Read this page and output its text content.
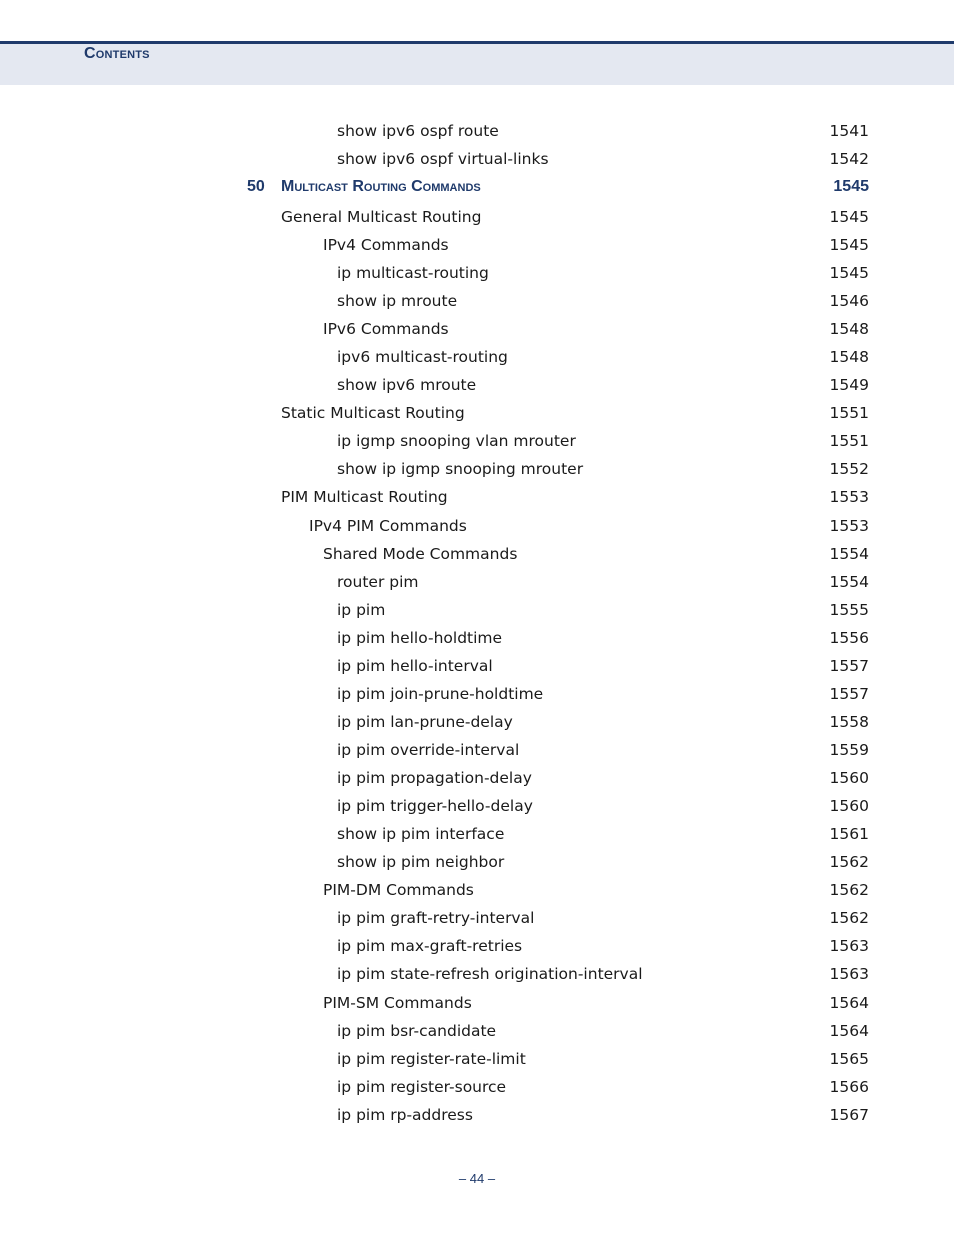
Contents
show ipv6 ospf route	1541
show ipv6 ospf virtual-links	1542
50 Multicast Routing Commands	1545
General Multicast Routing	1545
IPv4 Commands	1545
ip multicast-routing	1545
show ip mroute	1546
IPv6 Commands	1548
ipv6 multicast-routing	1548
show ipv6 mroute	1549
Static Multicast Routing	1551
ip igmp snooping vlan mrouter	1551
show ip igmp snooping mrouter	1552
PIM Multicast Routing	1553
IPv4 PIM Commands	1553
Shared Mode Commands	1554
router pim	1554
ip pim	1555
ip pim hello-holdtime	1556
ip pim hello-interval	1557
ip pim join-prune-holdtime	1557
ip pim lan-prune-delay	1558
ip pim override-interval	1559
ip pim propagation-delay	1560
ip pim trigger-hello-delay	1560
show ip pim interface	1561
show ip pim neighbor	1562
PIM-DM Commands	1562
ip pim graft-retry-interval	1562
ip pim max-graft-retries	1563
ip pim state-refresh origination-interval	1563
PIM-SM Commands	1564
ip pim bsr-candidate	1564
ip pim register-rate-limit	1565
ip pim register-source	1566
ip pim rp-address	1567
– 44 –
